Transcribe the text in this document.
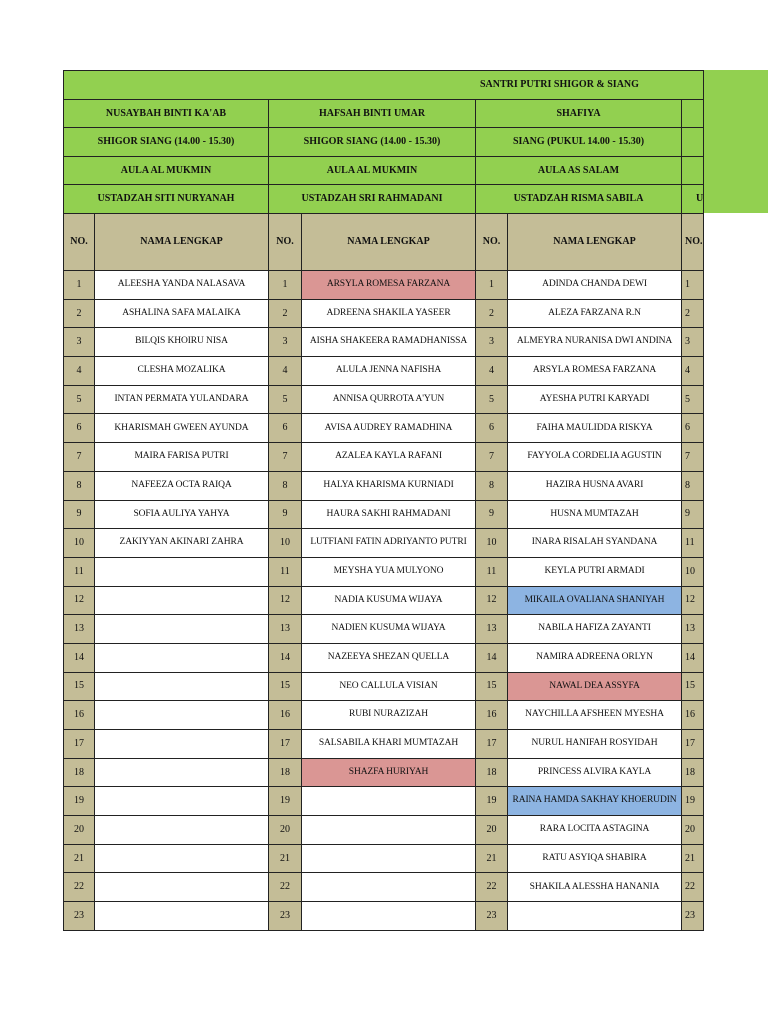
SANTRI PUTRI SHIGOR & SIANG						
NUSAYBAH BINTI KA'AB		HAFSAH BINTI UMAR		SHAFIYA		
SHIGOR SIANG (14.00 - 15.30)		SHIGOR SIANG (14.00 - 15.30)		SIANG (PUKUL 14.00 - 15.30)		
AULA AL MUKMIN		AULA AL MUKMIN		AULA AS SALAM		
USTADZAH SITI NURYANAH		USTADZAH SRI RAHMADANI		USTADZAH RISMA SABILA		U
NO.	NAMA LENGKAP	NO.	NAMA LENGKAP	NO.	NAMA LENGKAP	NO.
1	ALEESHA YANDA NALASAVA	1	ARSYLA ROMESA FARZANA	1	ADINDA CHANDA DEWI	1
2	ASHALINA SAFA MALAIKA	2	ADREENA SHAKILA YASEER	2	ALEZA FARZANA R.N	2
3	BILQIS KHOIRU NISA	3	AISHA SHAKEERA RAMADHANISSA	3	ALMEYRA NURANISA DWI ANDINA	3
4	CLESHA MOZALIKA	4	ALULA JENNA NAFISHA	4	ARSYLA ROMESA FARZANA	4
5	INTAN PERMATA YULANDARA	5	ANNISA QURROTA A'YUN	5	AYESHA PUTRI KARYADI	5
6	KHARISMAH GWEEN AYUNDA	6	AVISA AUDREY RAMADHINA	6	FAIHA MAULIDDA RISKYA	6
7	MAIRA FARISA PUTRI	7	AZALEA KAYLA RAFANI	7	FAYYOLA CORDELIA AGUSTIN	7
8	NAFEEZA OCTA RAIQA	8	HALYA KHARISMA KURNIADI	8	HAZIRA HUSNA AVARI	8
9	SOFIA AULIYA YAHYA	9	HAURA SAKHI RAHMADANI	9	HUSNA MUMTAZAH	9
10	ZAKIYYAN AKINARI ZAHRA	10	LUTFIANI FATIN ADRIYANTO PUTRI	10	INARA RISALAH SYANDANA	11
11		11	MEYSHA YUA MULYONO	11	KEYLA PUTRI ARMADI	10
12		12	NADIA KUSUMA WIJAYA	12	MIKAILA OVALIANA SHANIYAH	12
13		13	NADIEN KUSUMA WIJAYA	13	NABILA HAFIZA ZAYANTI	13
14		14	NAZEEYA SHEZAN QUELLA	14	NAMIRA ADREENA ORLYN	14
15		15	NEO CALLULA VISIAN	15	NAWAL DEA ASSYFA	15
16		16	RUBI NURAZIZAH	16	NAYCHILLA AFSHEEN MYESHA	16
17		17	SALSABILA KHARI MUMTAZAH	17	NURUL HANIFAH ROSYIDAH	17
18		18	SHAZFA HURIYAH	18	PRINCESS ALVIRA KAYLA	18
19		19		19	RAINA HAMDA SAKHAY KHOERUDIN	19
20		20		20	RARA LOCITA ASTAGINA	20
21		21		21	RATU ASYIQA SHABIRA	21
22		22		22	SHAKILA ALESSHA HANANIA	22
23		23		23		23
